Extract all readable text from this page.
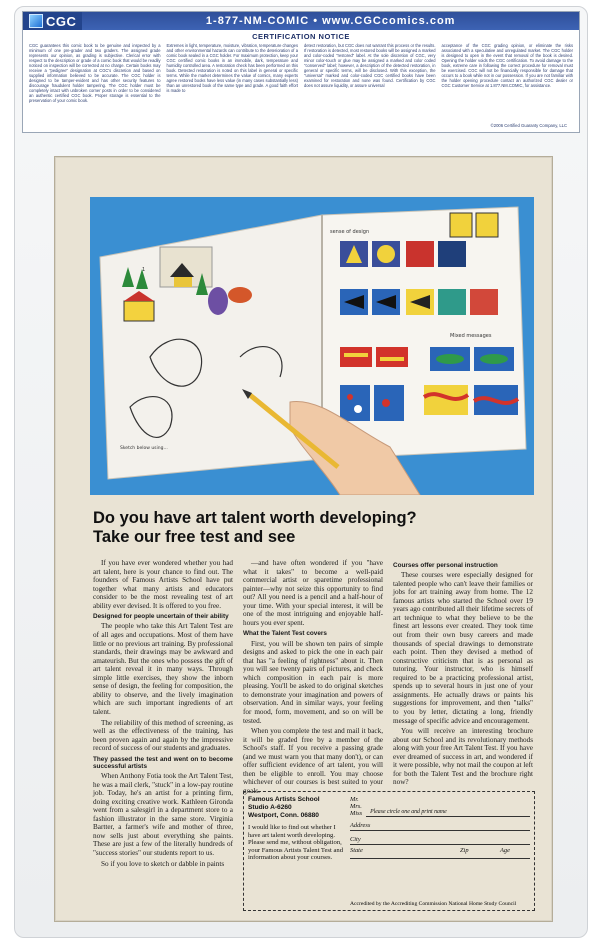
CGC	1-877-NM-COMIC • www.CGCcomics.com
CERTIFICATION NOTICE
CGC guarantees this comic book to be genuine and inspected by a minimum of one pre-grader and two graders. The assigned grade represents our opinion, as grading is subjective. Clerical error with respect to the description or grade of a comic book that would be readily noticed on inspection will be corrected at no charge. Certain books may receive a "pedigree" designation at CGC's discretion and based on supplied information believed to be accurate. The CGC holder is designed to be tamper-evident and has other security features to discourage fraudulent holder tampering. The CGC holder must be completely intact with unbroken corner posts in order to be considered an authentic certified CGC book. Proper storage is essential to the preservation of your comic book.
Extremes in light, temperature, moisture, vibration, temperature changes and other environmental hazards can contribute to the deterioration of a comic book sealed in a CGC holder. For maximum protection, keep your CGC certified comic books in an immobile, dark, temperature and humidity controlled area. A restoration check has been performed on this book. Detected restoration is noted on this label in general or specific terms. While the market determines the value of comics, many experts agree restored books have less value (in many cases substantially less) than an unrestored book of the same type and grade. A good faith effort is made to
detect restoration, but CGC does not warrant this process or the results. If restoration is detected, most restored books will be assigned a marked and color-coded "restored" label. At the sole discretion of CGC, very minor color-touch or glue may be assigned a marked and color coded "conserved" label; however, a description of the detected restoration, in general or specific terms, will be disclosed. With this exception, the "universal" marked and color-coded CGC certified books have been examined for restoration and none was found. Certification by CGC does not assure liquidity, or assure universal
acceptance of the CGC grading opinion, or eliminate the risks associated with a speculative and unregulated market. The CGC holder is designed to open in the event that removal of the book is desired. Opening the holder voids the CGC certification. To avoid damage to the book, extreme care in following the correct procedure for removal must be exercised. CGC will not be financially responsible for damage that occurs to a book while not in our possession. If you are not familiar with the holder opening procedure contact an authorized CGC dealer or CGC Customer Service at 1.877.NM.COMIC, for assistance.
©2006 Certified Guaranty Company, LLC
1
Sketch below using...
sense of design
Mixed messages
Do you have art talent worth developing?
Take our free test and see

If you have ever wondered whether you had art talent, here is your chance to find out. The founders of Famous Artists School have put together what many artists and educators consider to be the most revealing test of art ability ever devised. It is offered to you free.

Designed for people uncertain of their ability

The people who take this Art Talent Test are of all ages and occupations. Most of them have little or no previous art training. By professional standards, their drawings may be awkward and amateurish. But the ones who possess the gift of art talent reveal it in many ways. Through simple little exercises, they show the inborn sense of design, the feeling for composition, the ability to observe, and the lively imagination which are such important ingredients of art talent.

The reliability of this method of screening, as well as the effectiveness of the training, has been proven again and again by the impressive record of success of our students and graduates.

They passed the test and went on to become successful artists

When Anthony Fotia took the Art Talent Test, he was a mail clerk, "stuck" in a low-pay routine job. Today, he's an artist for a printing firm, doing exciting creative work. Kathleen Gironda went from a salesgirl in a department store to a fashion illustrator in the same store. Virginia Bartter, a farmer's wife and mother of three, now sells just about everything she paints. These are just a few of the literally hundreds of "success stories" our students report to us.

So if you love to sketch or dabble in paints

—and have often wondered if you "have what it takes" to become a well-paid commercial artist or sparetime professional painter—why not seize this opportunity to find out? All you need is a pencil and a half-hour of your time. With your special interest, it will be one of the most intriguing and enjoyable half-hours you ever spent.

What the Talent Test covers

First, you will be shown ten pairs of simple designs and asked to pick the one in each pair that has "a feeling of rightness" about it. Then you will see twenty pairs of pictures, and check which composition in each pair is more pleasing. You'll be asked to do original sketches to demonstrate your imagination and powers of observation. And in similar ways, your feeling for mood, form, movement, and so on will be tested.

When you complete the test and mail it back, it will be graded free by a member of the School's staff. If you receive a passing grade (and we must warn you that many don't), or can offer sufficient evidence of art talent, you will then be eligible to enroll. You may choose whichever of our courses is best suited to your goals.

Courses offer personal instruction

These courses were especially designed for talented people who can't leave their families or jobs for art training away from home. The 12 famous artists who started the School over 19 years ago contributed all their lifetime secrets of art technique to what they believe to be the finest art lessons ever created. They took time out from their own busy careers and made thousands of special drawings to demonstrate each point. Then they devised a method of constructive criticism that is as personal as tutoring. Your instructor, who is himself required to be a practicing professional artist, spends up to several hours in just one of your assignments. He actually draws or paints his suggestions for improvement, and then "talks" to you by letter, dictating a long, friendly message of specific advice and encouragement.

You will receive an interesting brochure about our School and its revolutionary methods along with your free Art Talent Test. If you have ever dreamed of success in art, and wondered if it were possible, why not mail the coupon at left for both the Talent Test and the brochure right now?

Famous Artists School
Studio A-6260
Westport, Conn. 06880
I would like to find out whether I have art talent worth developing. Please send me, without obligation, your Famous Artists Talent Test and information about your courses.
Mr.
Mrs.
Miss Please circle one and print name
Address
City
State	Zip	Age
Accredited by the Accrediting Commission National Home Study Council
